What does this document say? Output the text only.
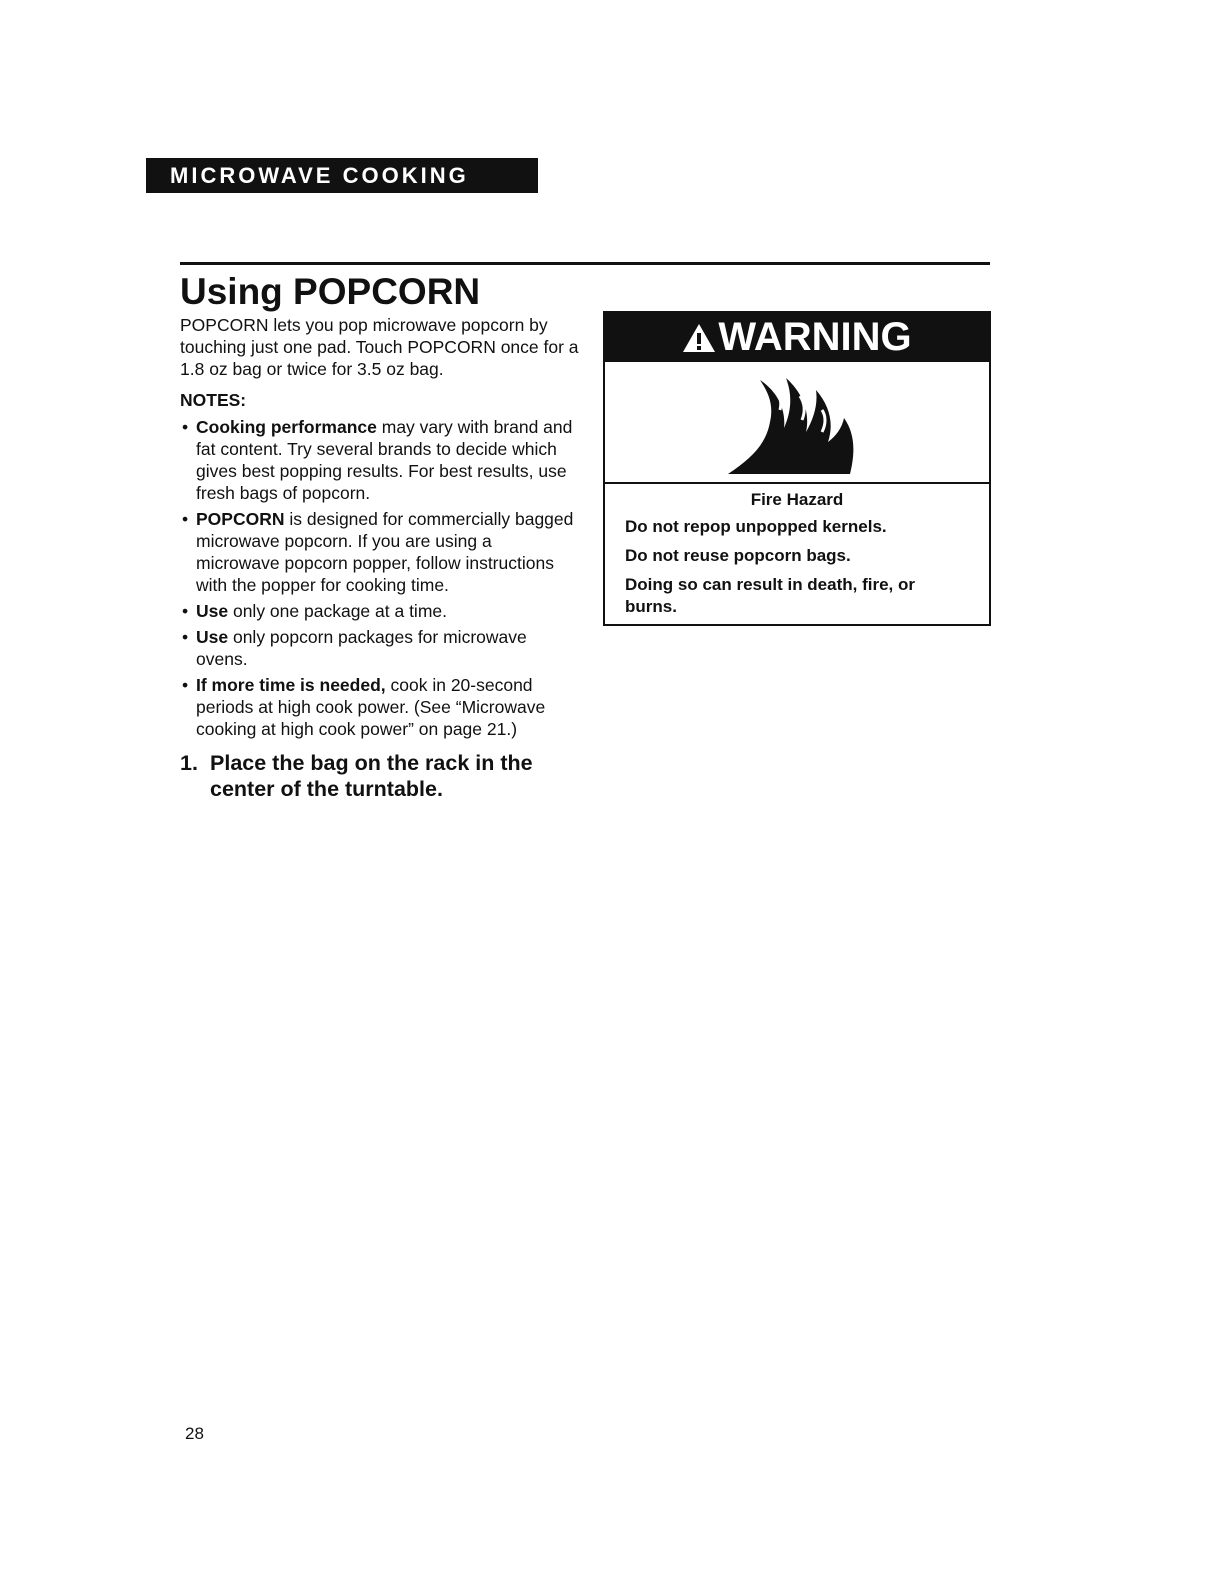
MICROWAVE COOKING
Using POPCORN

POPCORN lets you pop microwave popcorn by touching just one pad. Touch POPCORN once for a 1.8 oz bag or twice for 3.5 oz bag.

NOTES:

• Cooking performance may vary with brand and fat content. Try several brands to decide which gives best popping results. For best results, use fresh bags of popcorn.
• POPCORN is designed for commercially bagged microwave popcorn. If you are using a microwave popcorn popper, follow instructions with the popper for cooking time.
• Use only one package at a time.
• Use only popcorn packages for microwave ovens.
• If more time is needed, cook in 20-second periods at high cook power. (See “Microwave cooking at high cook power” on page 21.)
1. Place the bag on the rack in the center of the turntable.
WARNING

Fire Hazard

Do not repop unpopped kernels.

Do not reuse popcorn bags.

Doing so can result in death, fire, or burns.

28
